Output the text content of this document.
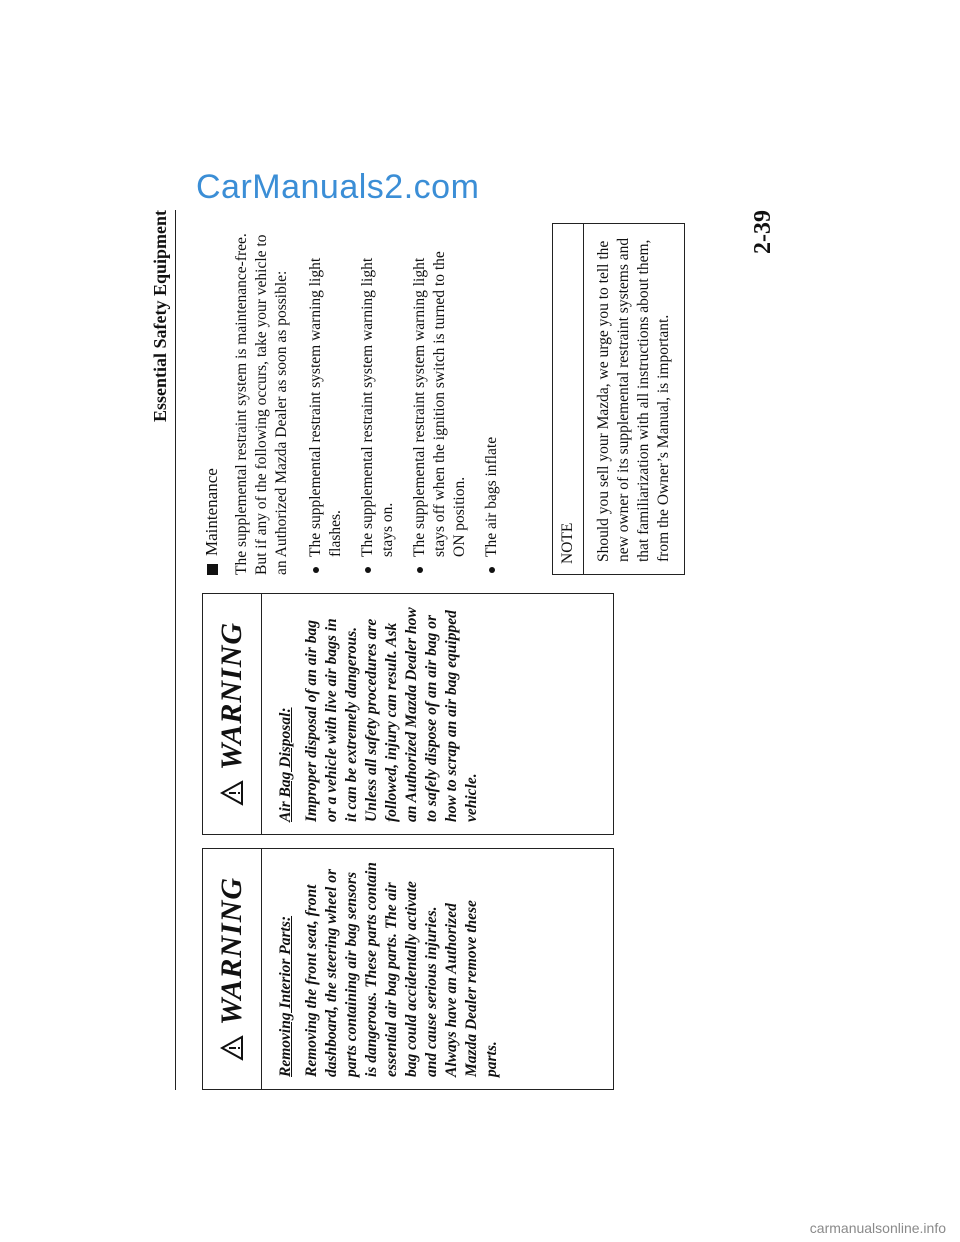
CarManuals2.com
carmanualsonline.info
Essential Safety Equipment
WARNING Removing Interior Parts: Removing the front seat, front dashboard, the steering wheel or parts containing air bag sensors is dangerous. These parts contain essential air bag parts. The air bag could accidentally activate and cause serious injuries. Always have an Authorized Mazda Dealer remove these parts.
WARNING Air Bag Disposal: Improper disposal of an air bag or a vehicle with live air bags in it can be extremely dangerous. Unless all safety procedures are followed, injury can result. Ask an Authorized Mazda Dealer how to safely dispose of an air bag or how to scrap an air bag equipped vehicle.
Maintenance The supplemental restraint system is maintenance-free. But if any of the following occurs, take your vehicle to an Authorized Mazda Dealer as soon as possible: The supplemental restraint system warning light flashes. The supplemental restraint system warning light stays on. The supplemental restraint system warning light stays off when the ignition switch is turned to the ON position. The air bags inflate	NOTE	Should you sell your Mazda, we urge you to tell the new owner of its supplemental restraint systems and that familiarization with all instructions about them, from the Owner’s Manual, is important.
2-39
